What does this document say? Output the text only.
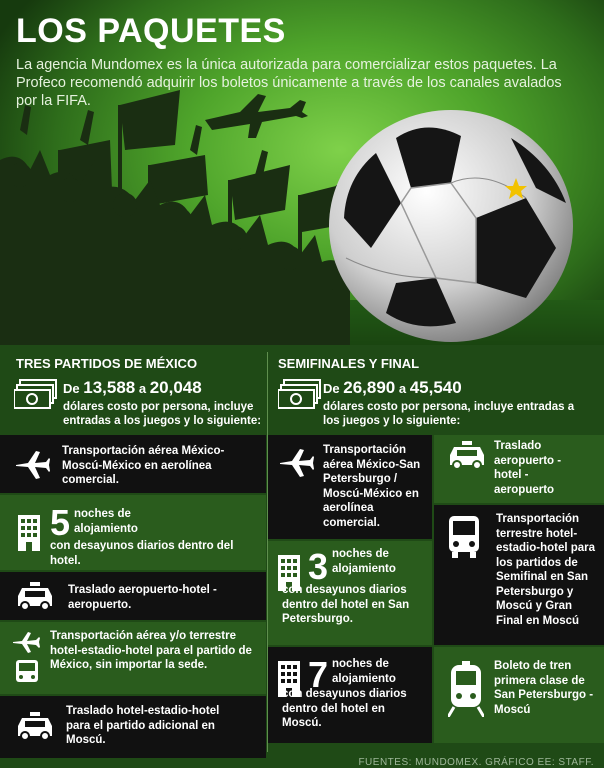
LOS PAQUETES

La agencia Mundomex es la única autorizada para comercializar estos paquetes. La Profeco recomendó adquirir los boletos únicamente a través de los canales avalados por la FIFA.

TRES PARTIDOS DE MÉXICO
De 13,588 a 20,048
dólares costo por persona, incluye entradas a los juegos y lo siguiente:
Transportación aérea México-Moscú-México en aerolínea comercial.
5 noches de alojamiento
con desayunos diarios dentro del hotel.
Traslado aeropuerto-hotel -aeropuerto.
Transportación aérea y/o terrestre hotel-estadio-hotel para el partido de México, sin importar la sede.
Traslado hotel-estadio-hotel para el partido adicional en Moscú.
SEMIFINALES Y FINAL
De 26,890 a 45,540
dólares costo por persona, incluye entradas a los juegos y lo siguiente:
Transportación aérea México-San Petersburgo / Moscú-México en aerolínea comercial.
Traslado aeropuerto -hotel -aeropuerto
Transportación terrestre hotel-estadio-hotel para los partidos de Semifinal en San Petersburgo y Moscú y Gran Final en Moscú
3 noches de alojamiento
con desayunos diarios dentro del hotel en San Petersburgo.
Boleto de tren primera clase de San Petersburgo -Moscú
7 noches de alojamiento
con desayunos diarios dentro del hotel en Moscú.
FUENTES: MUNDOMEX. GRÁFICO EE: STAFF.
